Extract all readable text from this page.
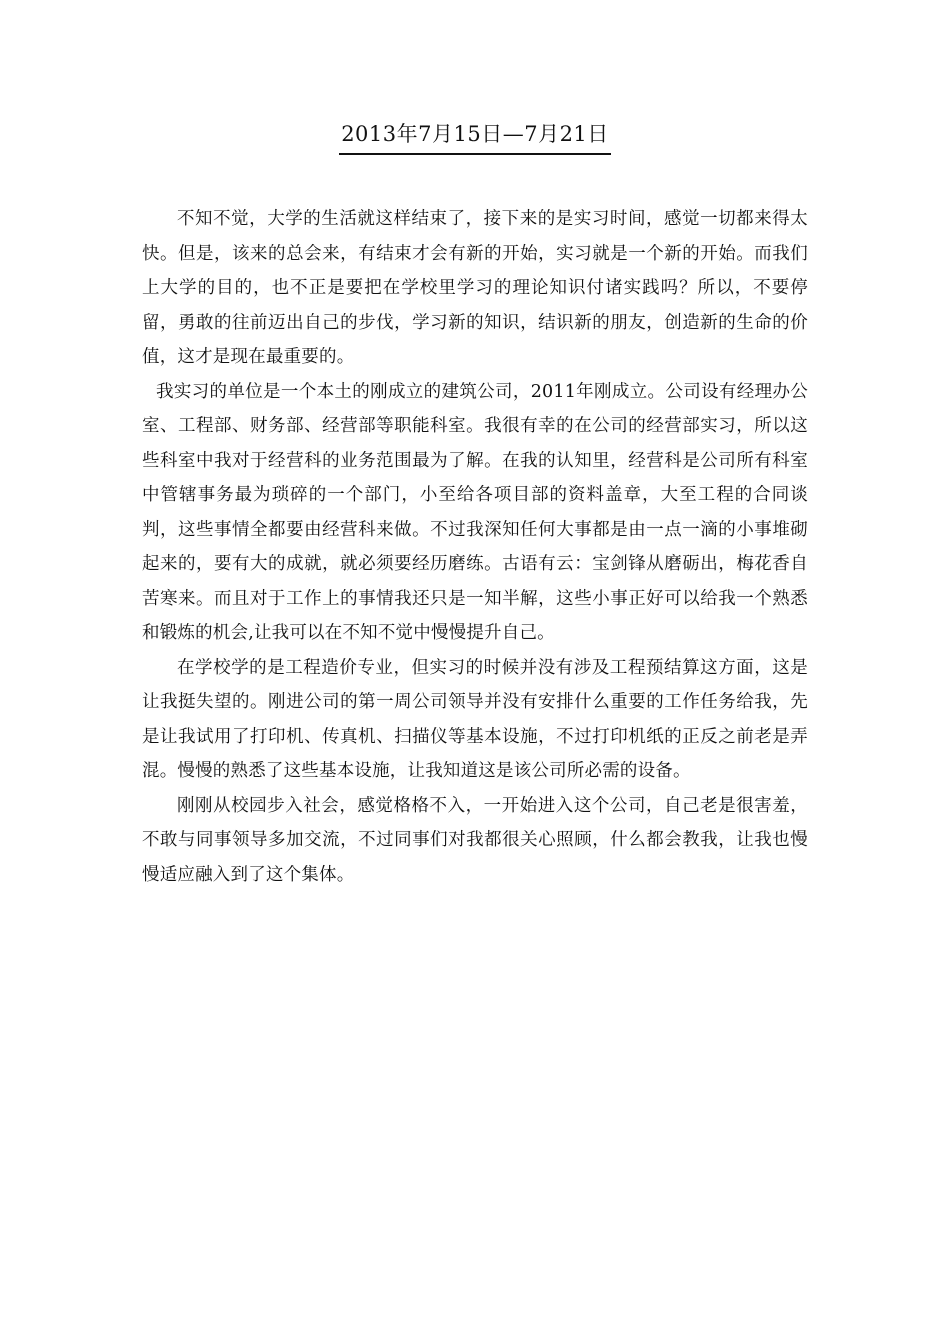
2013年7月15日—7月21日

不知不觉，大学的生活就这样结束了，接下来的是实习时间，感觉一切都来得太快。但是，该来的总会来，有结束才会有新的开始，实习就是一个新的开始。而我们上大学的目的，也不正是要把在学校里学习的理论知识付诸实践吗？所以，不要停留，勇敢的往前迈出自己的步伐，学习新的知识，结识新的朋友，创造新的生命的价值，这才是现在最重要的。

我实习的单位是一个本土的刚成立的建筑公司，2011年刚成立。公司设有经理办公室、工程部、财务部、经营部等职能科室。我很有幸的在公司的经营部实习，所以这些科室中我对于经营科的业务范围最为了解。在我的认知里，经营科是公司所有科室中管辖事务最为琐碎的一个部门，小至给各项目部的资料盖章，大至工程的合同谈判，这些事情全都要由经营科来做。不过我深知任何大事都是由一点一滴的小事堆砌 起来的，要有大的成就，就必须要经历磨练。古语有云：宝剑锋从磨砺出，梅花香自苦寒来。而且对于工作上的事情我还只是一知半解，这些小事正好可以给我一个熟悉和锻炼的机会,让我可以在不知不觉中慢慢提升自己。

在学校学的是工程造价专业，但实习的时候并没有涉及工程预结算这方面，这是让我挺失望的。刚进公司的第一周公司领导并没有安排什么重要的工作任务给我，先是让我试用了打印机、传真机、扫描仪等基本设施，不过打印机纸的正反之前老是弄混。慢慢的熟悉了这些基本设施，让我知道这是该公司所必需的设备。

刚刚从校园步入社会，感觉格格不入，一开始进入这个公司，自己老是很害羞，不敢与同事领导多加交流，不过同事们对我都很关心照顾，什么都会教我，让我也慢慢适应融入到了这个集体。
